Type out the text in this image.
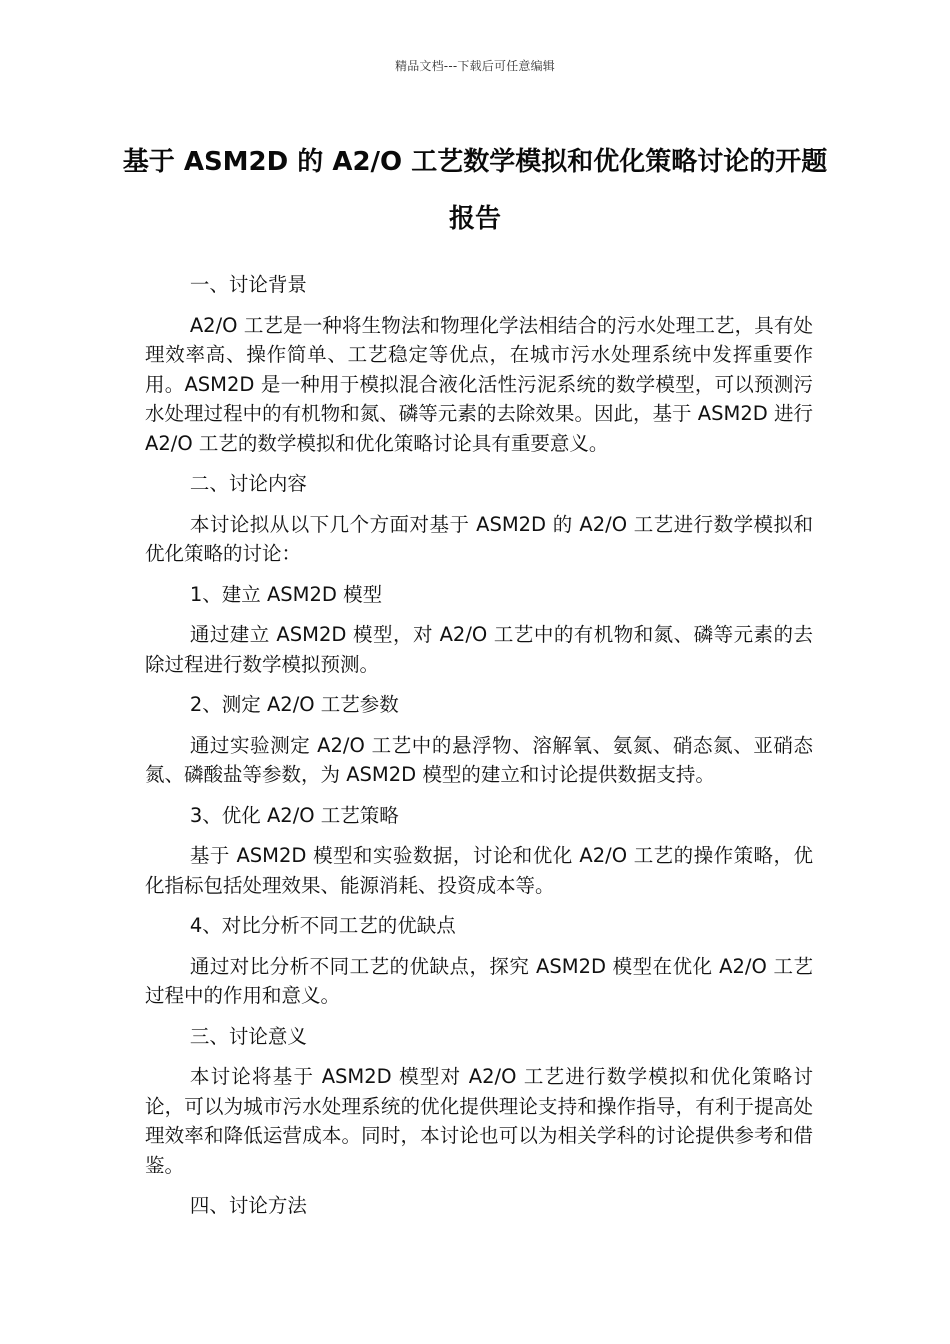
精品文档---下载后可任意编辑
基于 ASM2D 的 A2/O 工艺数学模拟和优化策略讨论的开题报告

一、讨论背景

A2/O 工艺是一种将生物法和物理化学法相结合的污水处理工艺，具有处理效率高、操作简单、工艺稳定等优点，在城市污水处理系统中发挥重要作用。ASM2D 是一种用于模拟混合液化活性污泥系统的数学模型，可以预测污水处理过程中的有机物和氮、磷等元素的去除效果。因此，基于 ASM2D 进行 A2/O 工艺的数学模拟和优化策略讨论具有重要意义。

二、讨论内容

本讨论拟从以下几个方面对基于 ASM2D 的 A2/O 工艺进行数学模拟和优化策略的讨论：

1、建立 ASM2D 模型

通过建立 ASM2D 模型，对 A2/O 工艺中的有机物和氮、磷等元素的去除过程进行数学模拟预测。

2、测定 A2/O 工艺参数

通过实验测定 A2/O 工艺中的悬浮物、溶解氧、氨氮、硝态氮、亚硝态氮、磷酸盐等参数，为 ASM2D 模型的建立和讨论提供数据支持。

3、优化 A2/O 工艺策略

基于 ASM2D 模型和实验数据，讨论和优化 A2/O 工艺的操作策略，优化指标包括处理效果、能源消耗、投资成本等。

4、对比分析不同工艺的优缺点

通过对比分析不同工艺的优缺点，探究 ASM2D 模型在优化 A2/O 工艺过程中的作用和意义。

三、讨论意义

本讨论将基于 ASM2D 模型对 A2/O 工艺进行数学模拟和优化策略讨论，可以为城市污水处理系统的优化提供理论支持和操作指导，有利于提高处理效率和降低运营成本。同时，本讨论也可以为相关学科的讨论提供参考和借鉴。

四、讨论方法
